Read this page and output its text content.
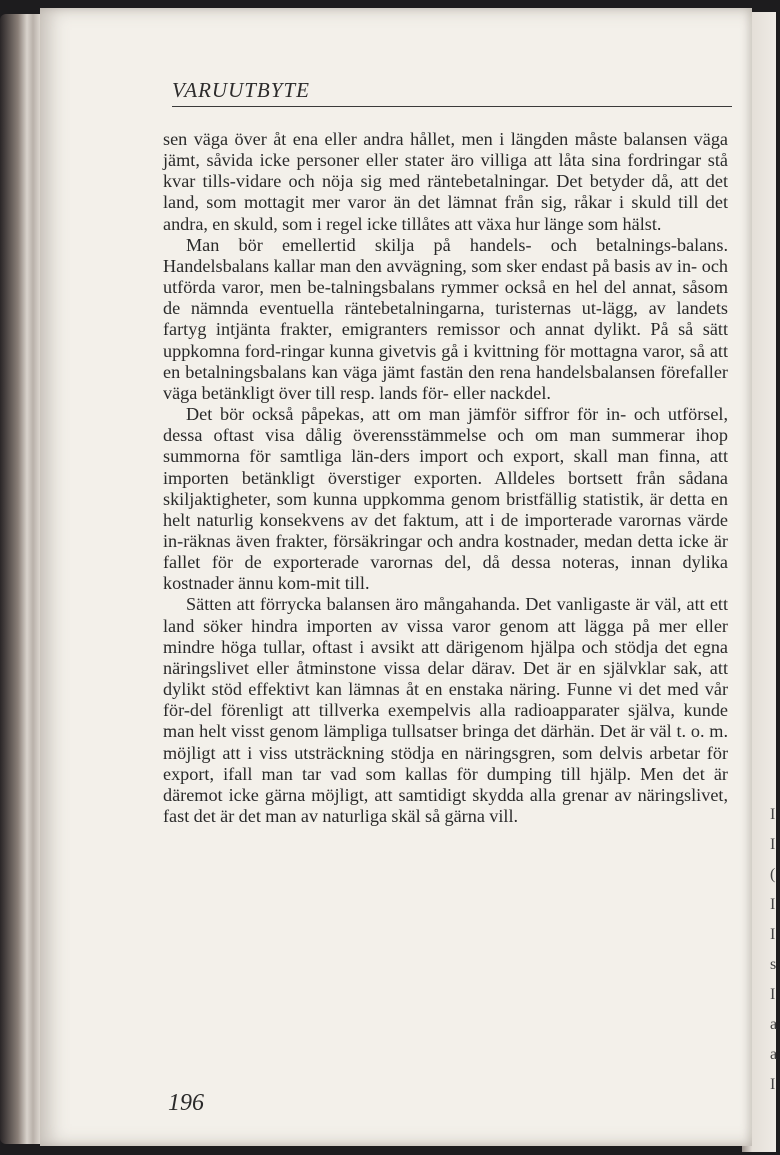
I
I
(
I
I
s
I
a
a
I
VARUUTBYTE

sen väga över åt ena eller andra hållet, men i längden måste balansen väga jämt, såvida icke personer eller stater äro villiga att låta sina fordringar stå kvar tills-vidare och nöja sig med räntebetalningar. Det betyder då, att det land, som mottagit mer varor än det lämnat från sig, råkar i skuld till det andra, en skuld, som i regel icke tillåtes att växa hur länge som hälst.

Man bör emellertid skilja på handels- och betalnings-balans. Handelsbalans kallar man den avvägning, som sker endast på basis av in- och utförda varor, men be-talningsbalans rymmer också en hel del annat, såsom de nämnda eventuella räntebetalningarna, turisternas ut-lägg, av landets fartyg intjänta frakter, emigranters remissor och annat dylikt. På så sätt uppkomna ford-ringar kunna givetvis gå i kvittning för mottagna varor, så att en betalningsbalans kan väga jämt fastän den rena handelsbalansen förefaller väga betänkligt över till resp. lands för- eller nackdel.

Det bör också påpekas, att om man jämför siffror för in- och utförsel, dessa oftast visa dålig överensstämmelse och om man summerar ihop summorna för samtliga län-ders import och export, skall man finna, att importen betänkligt överstiger exporten. Alldeles bortsett från sådana skiljaktigheter, som kunna uppkomma genom bristfällig statistik, är detta en helt naturlig konsekvens av det faktum, att i de importerade varornas värde in-räknas även frakter, försäkringar och andra kostnader, medan detta icke är fallet för de exporterade varornas del, då dessa noteras, innan dylika kostnader ännu kom-mit till.

Sätten att förrycka balansen äro mångahanda. Det vanligaste är väl, att ett land söker hindra importen av vissa varor genom att lägga på mer eller mindre höga tullar, oftast i avsikt att därigenom hjälpa och stödja det egna näringslivet eller åtminstone vissa delar därav. Det är en självklar sak, att dylikt stöd effektivt kan lämnas åt en enstaka näring. Funne vi det med vår för-del förenligt att tillverka exempelvis alla radioapparater själva, kunde man helt visst genom lämpliga tullsatser bringa det därhän. Det är väl t. o. m. möjligt att i viss utsträckning stödja en näringsgren, som delvis arbetar för export, ifall man tar vad som kallas för dumping till hjälp. Men det är däremot icke gärna möjligt, att samtidigt skydda alla grenar av näringslivet, fast det är det man av naturliga skäl så gärna vill.

196
